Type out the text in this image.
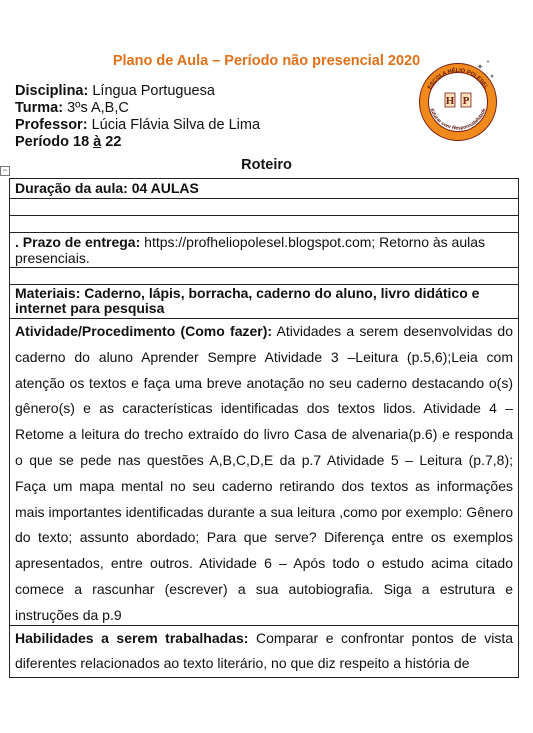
Plano de Aula – Período não presencial 2020
Disciplina: Língua Portuguesa
Turma: 3ºs A,B,C
Professor: Lúcia Flávia Silva de Lima
Período 18 à 22
ESCOLA HÉLIO POLESEL
Educar com Responsabilidade
H P
Roteiro
⇔
Duração da aula: 04 AULAS
. Prazo de entrega: https://profheliopolesel.blogspot.com; Retorno às aulas presenciais.
Materiais: Caderno, lápis, borracha, caderno do aluno, livro didático e internet para pesquisa
Atividade/Procedimento (Como fazer): Atividades a serem desenvolvidas do caderno do aluno Aprender Sempre Atividade 3 –Leitura (p.5,6);Leia com atenção os textos e faça uma breve anotação no seu caderno destacando o(s) gênero(s) e as características identificadas dos textos lidos. Atividade 4 – Retome a leitura do trecho extraído do livro Casa de alvenaria(p.6) e responda o que se pede nas questões A,B,C,D,E da p.7 Atividade 5 – Leitura (p.7,8); Faça um mapa mental no seu caderno retirando dos textos as informações mais importantes identificadas durante a sua leitura ,como por exemplo: Gênero do texto; assunto abordado; Para que serve? Diferença entre os exemplos apresentados, entre outros. Atividade 6 – Após todo o estudo acima citado comece a rascunhar (escrever) a sua autobiografia. Siga a estrutura e instruções da p.9
Habilidades a serem trabalhadas: Comparar e confrontar pontos de vista diferentes relacionados ao texto literário, no que diz respeito a história de
